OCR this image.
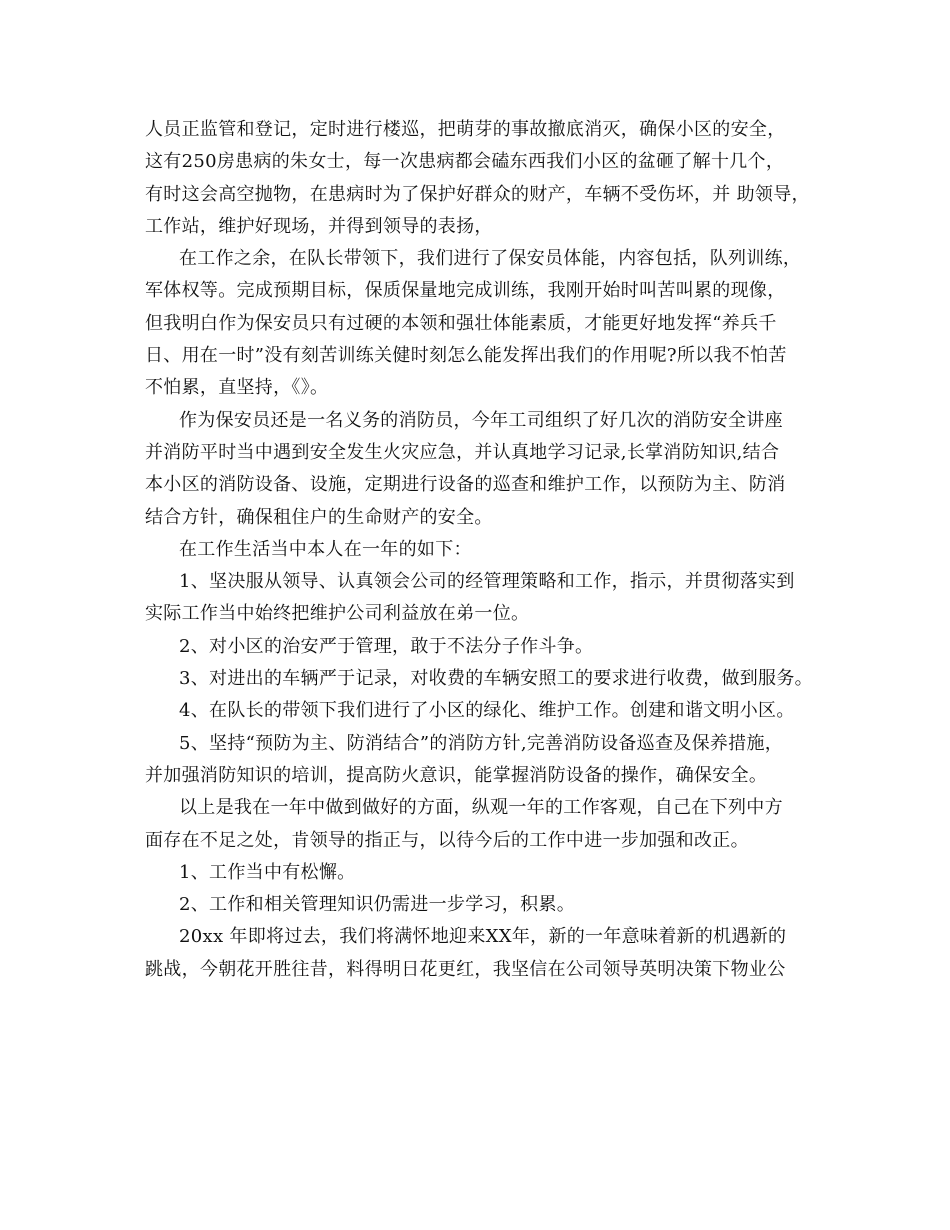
人员正监管和登记，定时进行楼巡，把萌芽的事故撤底消灭，确保小区的安全，
这有250房患病的朱女士，每一次患病都会磕东西我们小区的盆砸了解十几个，
有时这会高空抛物，在患病时为了保护好群众的财产，车辆不受伤坏，并 助领导，
工作站，维护好现场，并得到领导的表扬，
在工作之余，在队长带领下，我们进行了保安员体能，内容包括，队列训练，
军体权等。完成预期目标，保质保量地完成训练，我刚开始时叫苦叫累的现像，
但我明白作为保安员只有过硬的本领和强壮体能素质，才能更好地发挥“养兵千
日、用在一时”没有刻苦训练关健时刻怎么能发挥出我们的作用呢?所以我不怕苦
不怕累，直坚持，《》。
作为保安员还是一名义务的消防员，今年工司组织了好几次的消防安全讲座
并消防平时当中遇到安全发生火灾应急，并认真地学习记录,长掌消防知识,结合
本小区的消防设备、设施，定期进行设备的巡查和维护工作，以预防为主、防消
结合方针，确保租住户的生命财产的安全。
在工作生活当中本人在一年的如下：
1、坚决服从领导、认真领会公司的经管理策略和工作，指示，并贯彻落实到
实际工作当中始终把维护公司利益放在弟一位。
2、对小区的治安严于管理，敢于不法分子作斗争。
3、对进出的车辆严于记录，对收费的车辆安照工的要求进行收费，做到服务。
4、在队长的带领下我们进行了小区的绿化、维护工作。创建和谐文明小区。
5、坚持“预防为主、防消结合”的消防方针,完善消防设备巡查及保养措施，
并加强消防知识的培训，提高防火意识，能掌握消防设备的操作，确保安全。
以上是我在一年中做到做好的方面，纵观一年的工作客观，自己在下列中方
面存在不足之处，肯领导的指正与，以待今后的工作中进一步加强和改正。
1、工作当中有松懈。
2、工作和相关管理知识仍需进一步学习，积累。
20xx 年即将过去，我们将满怀地迎来XX年，新的一年意味着新的机遇新的
跳战，今朝花开胜往昔，料得明日花更红，我坚信在公司领导英明决策下物业公
